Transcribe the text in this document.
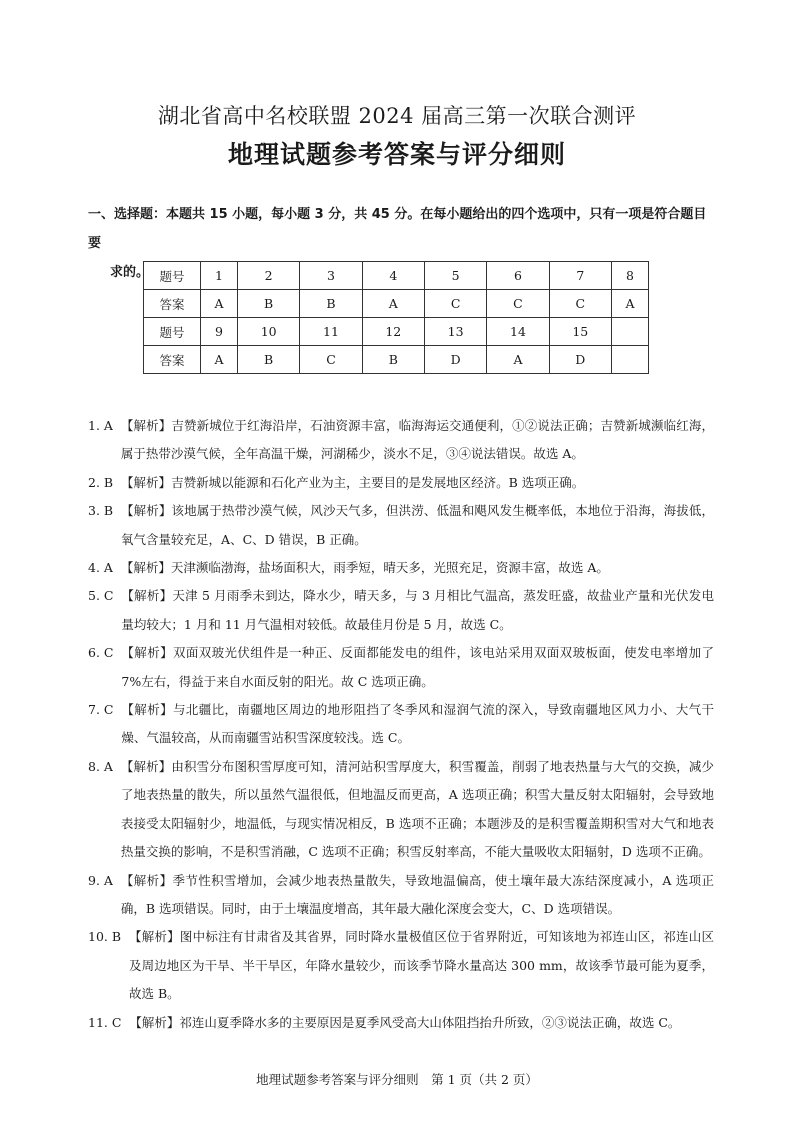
湖北省高中名校联盟 2024 届高三第一次联合测评
地理试题参考答案与评分细则
一、选择题：本题共 15 小题，每小题 3 分，共 45 分。在每小题给出的四个选项中，只有一项是符合题目要
求的。 题号	1	2	3	4	5	6	7	8
答案	A	B	B	A	C	C	C	A
题号	9	10	11	12	13	14	15	
答案	A	B	C	B	D	A	D	
1. A 【解析】吉赞新城位于红海沿岸，石油资源丰富，临海海运交通便利，①②说法正确；吉赞新城濒临红海，属于热带沙漠气候，全年高温干燥，河湖稀少，淡水不足，③④说法错误。故选 A。
2. B 【解析】吉赞新城以能源和石化产业为主，主要目的是发展地区经济。B 选项正确。
3. B 【解析】该地属于热带沙漠气候，风沙天气多，但洪涝、低温和飓风发生概率低，本地位于沿海，海拔低，氧气含量较充足，A、C、D 错误，B 正确。
4. A 【解析】天津濒临渤海，盐场面积大，雨季短，晴天多，光照充足，资源丰富，故选 A。
5. C 【解析】天津 5 月雨季未到达，降水少，晴天多，与 3 月相比气温高，蒸发旺盛，故盐业产量和光伏发电量均较大；1 月和 11 月气温相对较低。故最佳月份是 5 月，故选 C。
6. C 【解析】双面双玻光伏组件是一种正、反面都能发电的组件，该电站采用双面双玻板面，使发电率增加了 7%左右，得益于来自水面反射的阳光。故 C 选项正确。
7. C 【解析】与北疆比，南疆地区周边的地形阻挡了冬季风和湿润气流的深入，导致南疆地区风力小、大气干燥、气温较高，从而南疆雪站积雪深度较浅。选 C。
8. A 【解析】由积雪分布图积雪厚度可知，清河站积雪厚度大，积雪覆盖，削弱了地表热量与大气的交换，减少了地表热量的散失，所以虽然气温很低，但地温反而更高，A 选项正确；积雪大量反射太阳辐射，会导致地表接受太阳辐射少，地温低，与现实情况相反，B 选项不正确；本题涉及的是积雪覆盖期积雪对大气和地表热量交换的影响，不是积雪消融，C 选项不正确；积雪反射率高，不能大量吸收太阳辐射，D 选项不正确。
9. A 【解析】季节性积雪增加，会减少地表热量散失，导致地温偏高，使土壤年最大冻结深度减小，A 选项正确，B 选项错误。同时，由于土壤温度增高，其年最大融化深度会变大，C、D 选项错误。
10. B 【解析】图中标注有甘肃省及其省界，同时降水量极值区位于省界附近，可知该地为祁连山区，祁连山区及周边地区为干旱、半干旱区，年降水量较少，而该季节降水量高达 300 mm，故该季节最可能为夏季，故选 B。
11. C 【解析】祁连山夏季降水多的主要原因是夏季风受高大山体阻挡抬升所致，②③说法正确，故选 C。
地理试题参考答案与评分细则　第 1 页（共 2 页）
